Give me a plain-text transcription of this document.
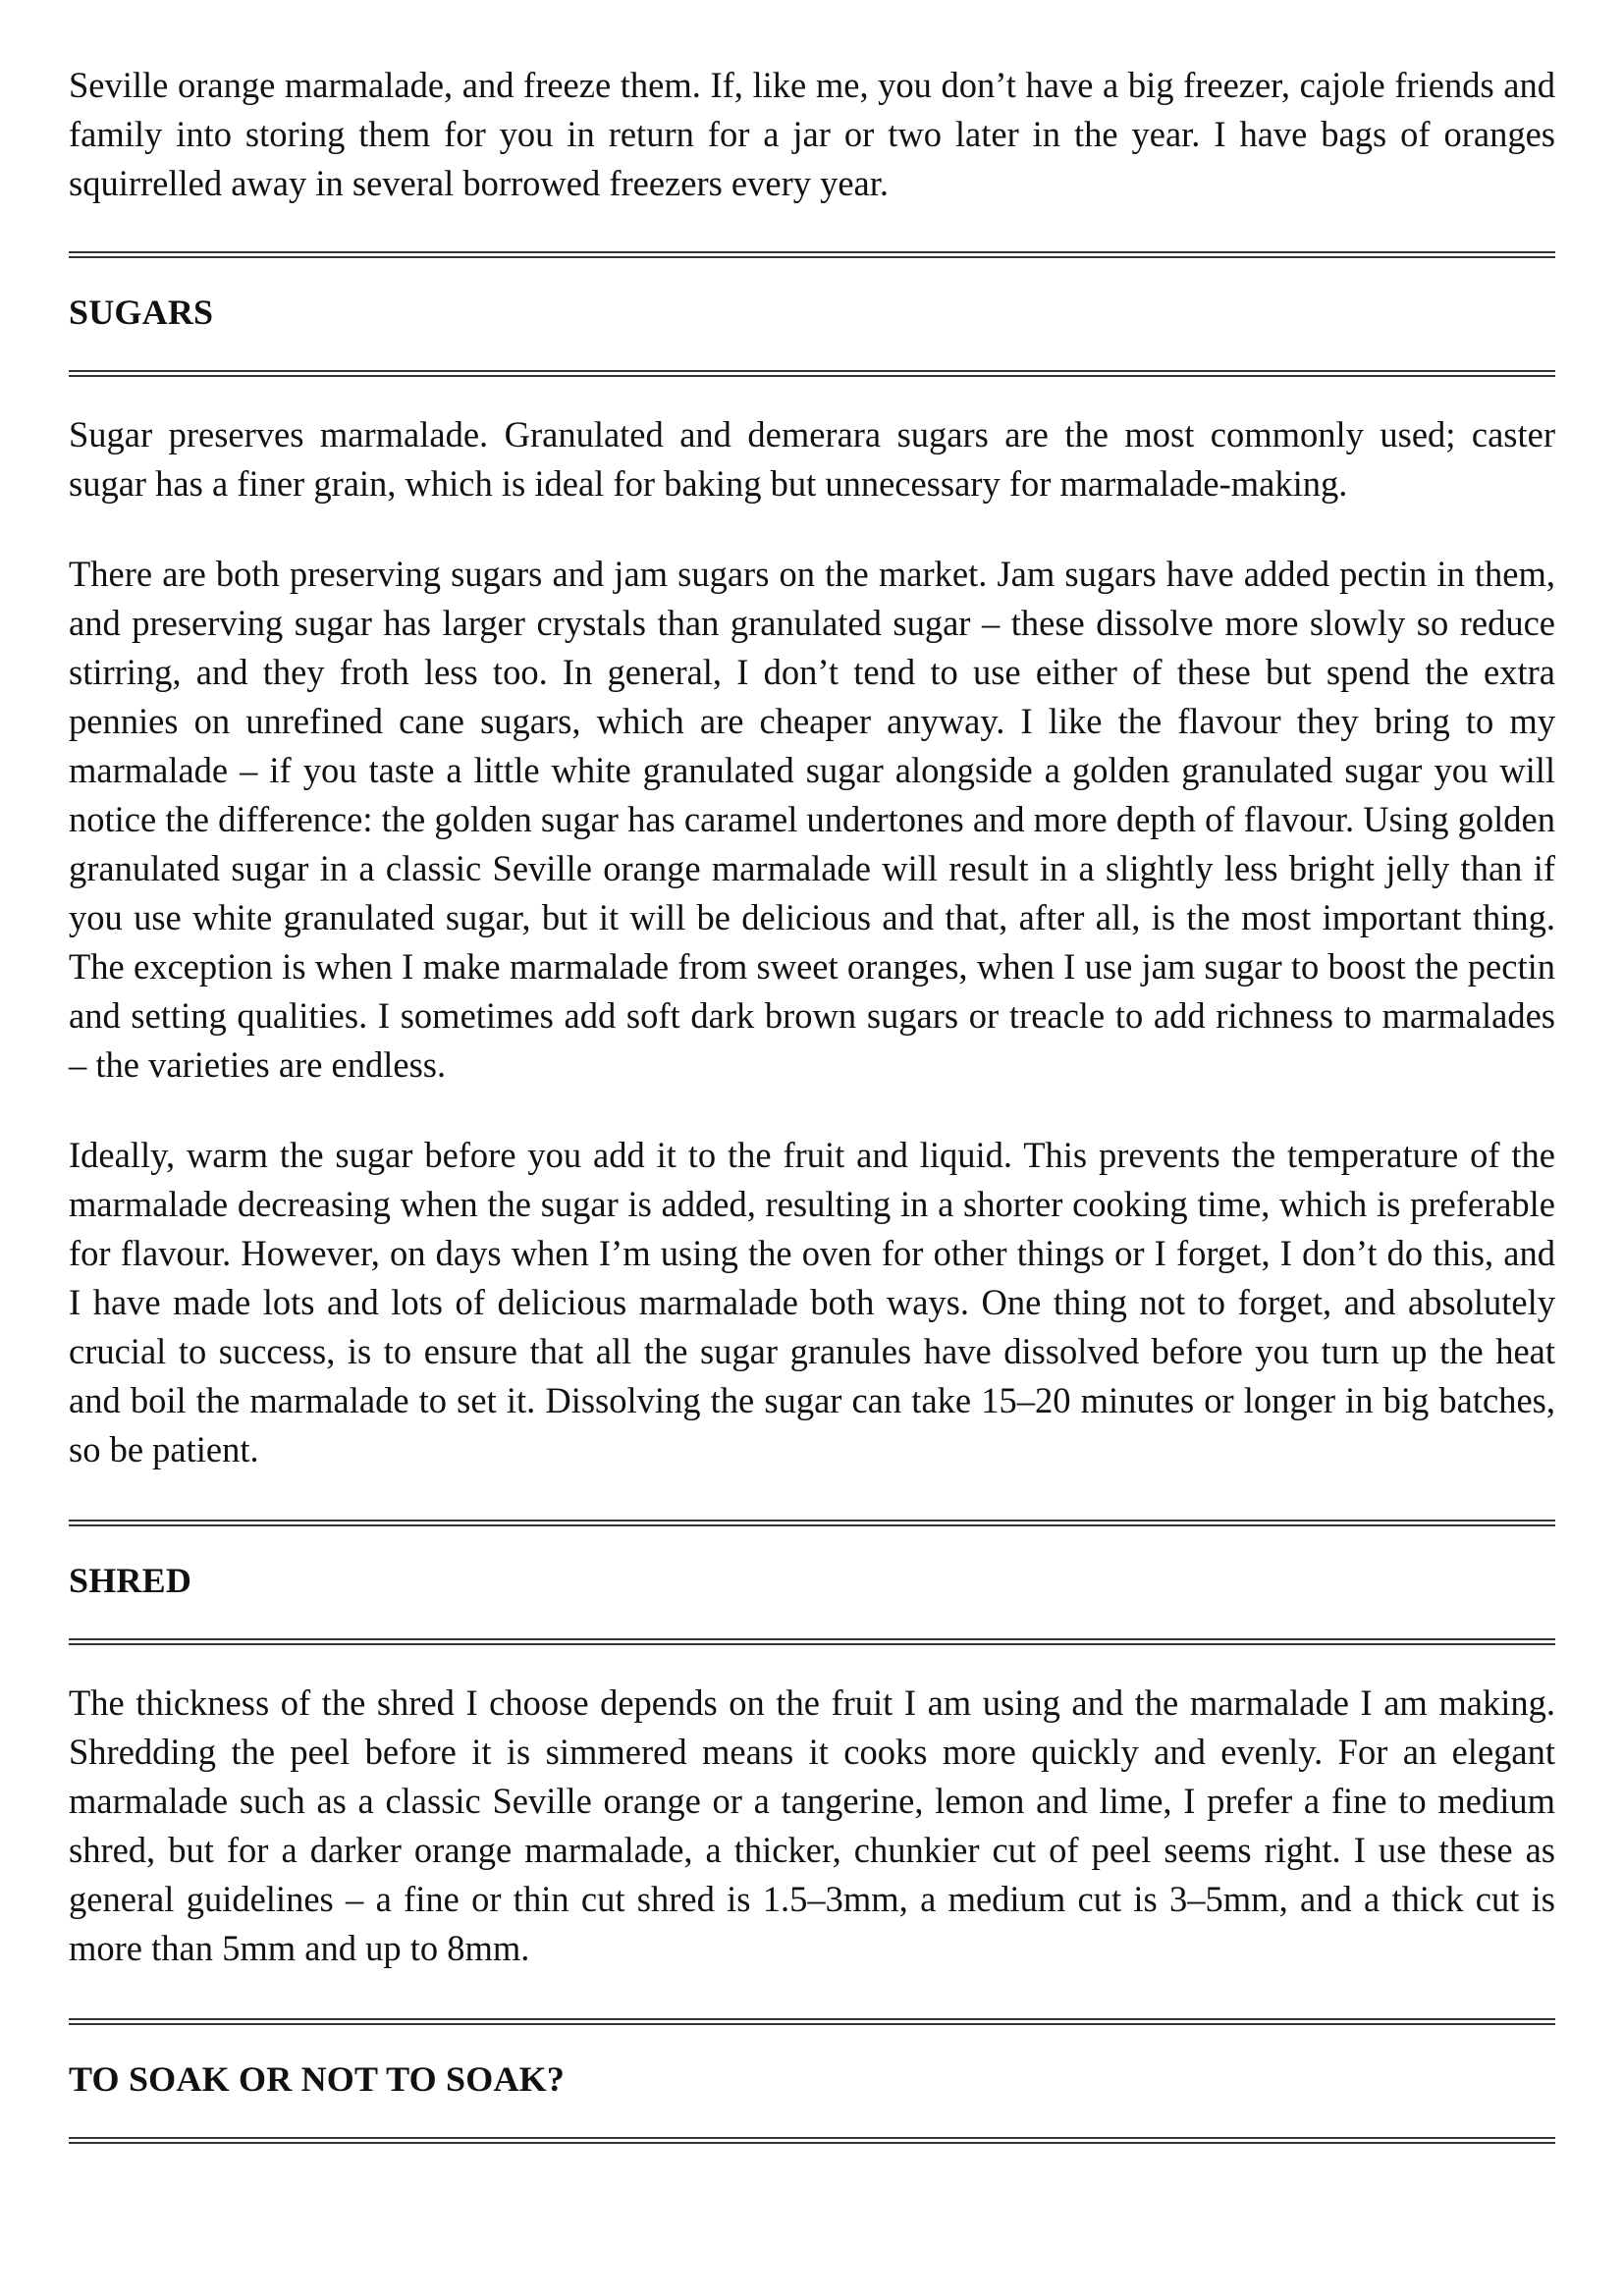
Seville orange marmalade, and freeze them. If, like me, you don’t have a big freezer, cajole friends and family into storing them for you in return for a jar or two later in the year. I have bags of oranges squirrelled away in several borrowed freezers every year.

SUGARS

Sugar preserves marmalade. Granulated and demerara sugars are the most commonly used; caster sugar has a finer grain, which is ideal for baking but unnecessary for marmalade-making.

There are both preserving sugars and jam sugars on the market. Jam sugars have added pectin in them, and preserving sugar has larger crystals than granulated sugar – these dissolve more slowly so reduce stirring, and they froth less too. In general, I don’t tend to use either of these but spend the extra pennies on unrefined cane sugars, which are cheaper anyway. I like the flavour they bring to my marmalade – if you taste a little white granulated sugar alongside a golden granulated sugar you will notice the difference: the golden sugar has caramel undertones and more depth of flavour. Using golden granulated sugar in a classic Seville orange marmalade will result in a slightly less bright jelly than if you use white granulated sugar, but it will be delicious and that, after all, is the most important thing. The exception is when I make marmalade from sweet oranges, when I use jam sugar to boost the pectin and setting qualities. I sometimes add soft dark brown sugars or treacle to add richness to marmalades – the varieties are endless.

Ideally, warm the sugar before you add it to the fruit and liquid. This prevents the temperature of the marmalade decreasing when the sugar is added, resulting in a shorter cooking time, which is preferable for flavour. However, on days when I’m using the oven for other things or I forget, I don’t do this, and I have made lots and lots of delicious marmalade both ways. One thing not to forget, and absolutely crucial to success, is to ensure that all the sugar granules have dissolved before you turn up the heat and boil the marmalade to set it. Dissolving the sugar can take 15–20 minutes or longer in big batches, so be patient.

SHRED

The thickness of the shred I choose depends on the fruit I am using and the marmalade I am making. Shredding the peel before it is simmered means it cooks more quickly and evenly. For an elegant marmalade such as a classic Seville orange or a tangerine, lemon and lime, I prefer a fine to medium shred, but for a darker orange marmalade, a thicker, chunkier cut of peel seems right. I use these as general guidelines – a fine or thin cut shred is 1.5–3mm, a medium cut is 3–5mm, and a thick cut is more than 5mm and up to 8mm.

TO SOAK OR NOT TO SOAK?
